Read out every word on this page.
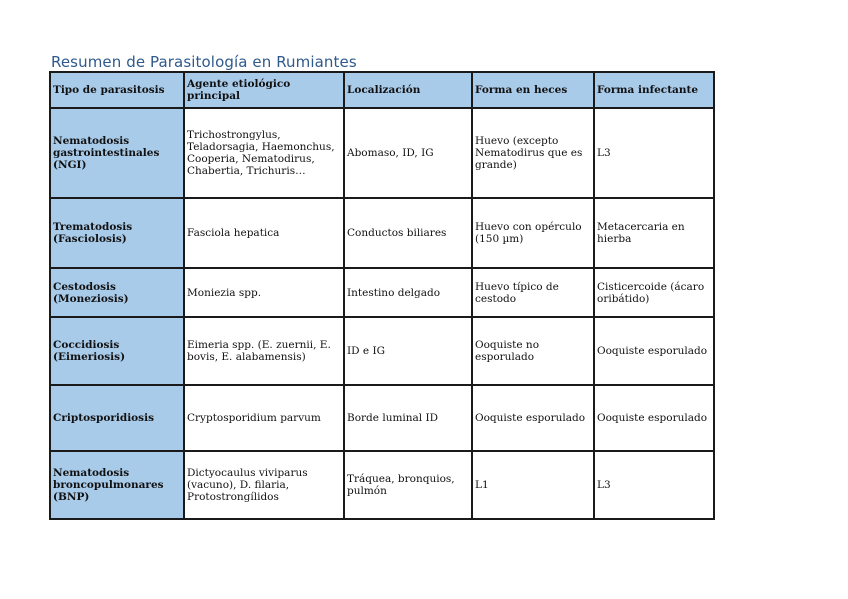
Resumen de Parasitología en Rumiantes
Tipo de parasitosis	Agente etiológico principal	Localización	Forma en heces	Forma infectante
Nematodosis gastrointestinales (NGI)	Trichostrongylus, Teladorsagia, Haemonchus, Cooperia, Nematodirus, Chabertia, Trichuris…	Abomaso, ID, IG	Huevo (excepto Nematodirus que es grande)	L3
Trematodosis (Fasciolosis)	Fasciola hepatica	Conductos biliares	Huevo con opérculo (150 µm)	Metacercaria en hierba
Cestodosis (Moneziosis)	Moniezia spp.	Intestino delgado	Huevo típico de cestodo	Cisticercoide (ácaro oribátido)
Coccidiosis (Eimeriosis)	Eimeria spp. (E. zuernii, E. bovis, E. alabamensis)	ID e IG	Ooquiste no esporulado	Ooquiste esporulado
Criptosporidiosis	Cryptosporidium parvum	Borde luminal ID	Ooquiste esporulado	Ooquiste esporulado
Nematodosis broncopulmonares (BNP)	Dictyocaulus viviparus (vacuno), D. filaria, Protostrongílidos	Tráquea, bronquios, pulmón	L1	L3
